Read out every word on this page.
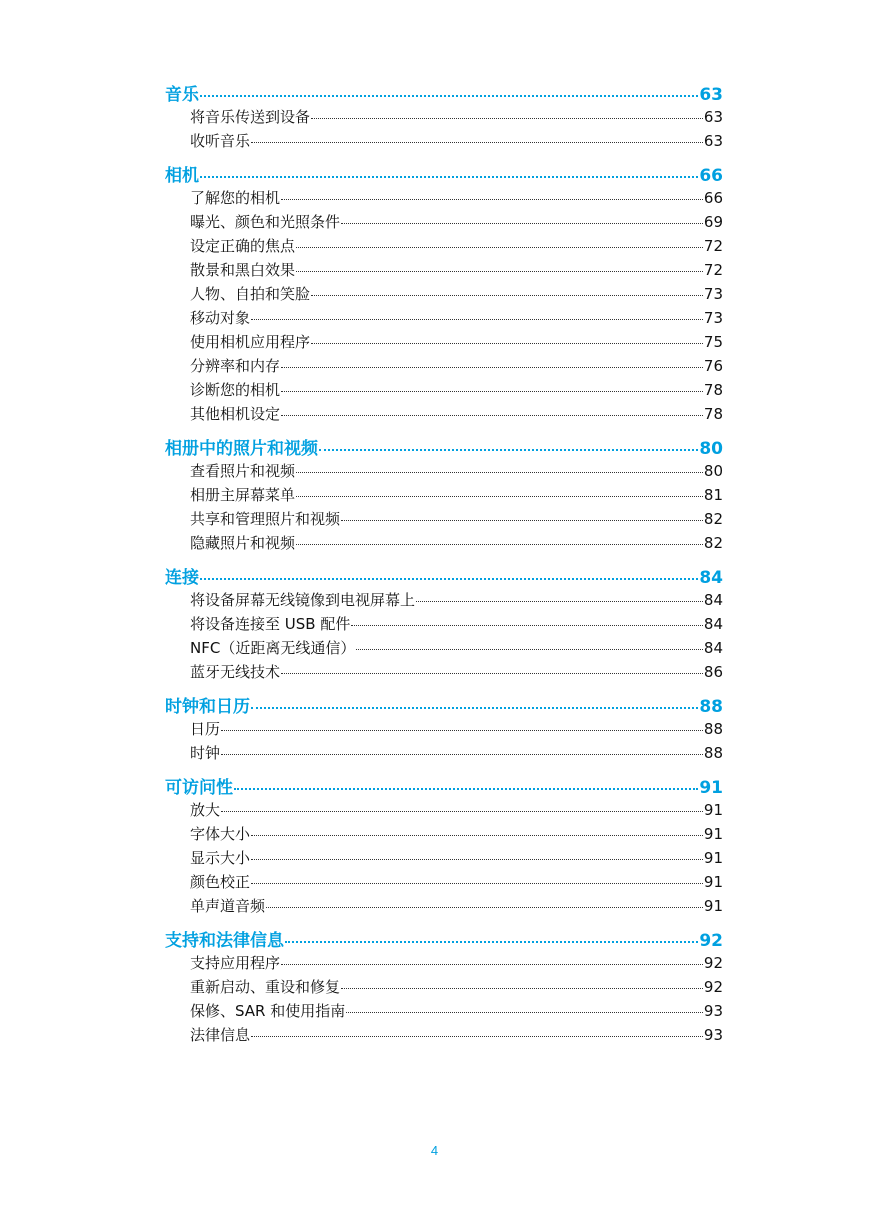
音乐	63
将音乐传送到设备	63
收听音乐	63
相机	66
了解您的相机	66
曝光、颜色和光照条件	69
设定正确的焦点	72
散景和黑白效果	72
人物、自拍和笑脸	73
移动对象	73
使用相机应用程序	75
分辨率和内存	76
诊断您的相机	78
其他相机设定	78
相册中的照片和视频	80
查看照片和视频	80
相册主屏幕菜单	81
共享和管理照片和视频	82
隐藏照片和视频	82
连接	84
将设备屏幕无线镜像到电视屏幕上	84
将设备连接至 USB 配件	84
NFC（近距离无线通信）	84
蓝牙无线技术	86
时钟和日历	88
日历	88
时钟	88
可访问性	91
放大	91
字体大小	91
显示大小	91
颜色校正	91
单声道音频	91
支持和法律信息	92
支持应用程序	92
重新启动、重设和修复	92
保修、SAR 和使用指南	93
法律信息	93
4
